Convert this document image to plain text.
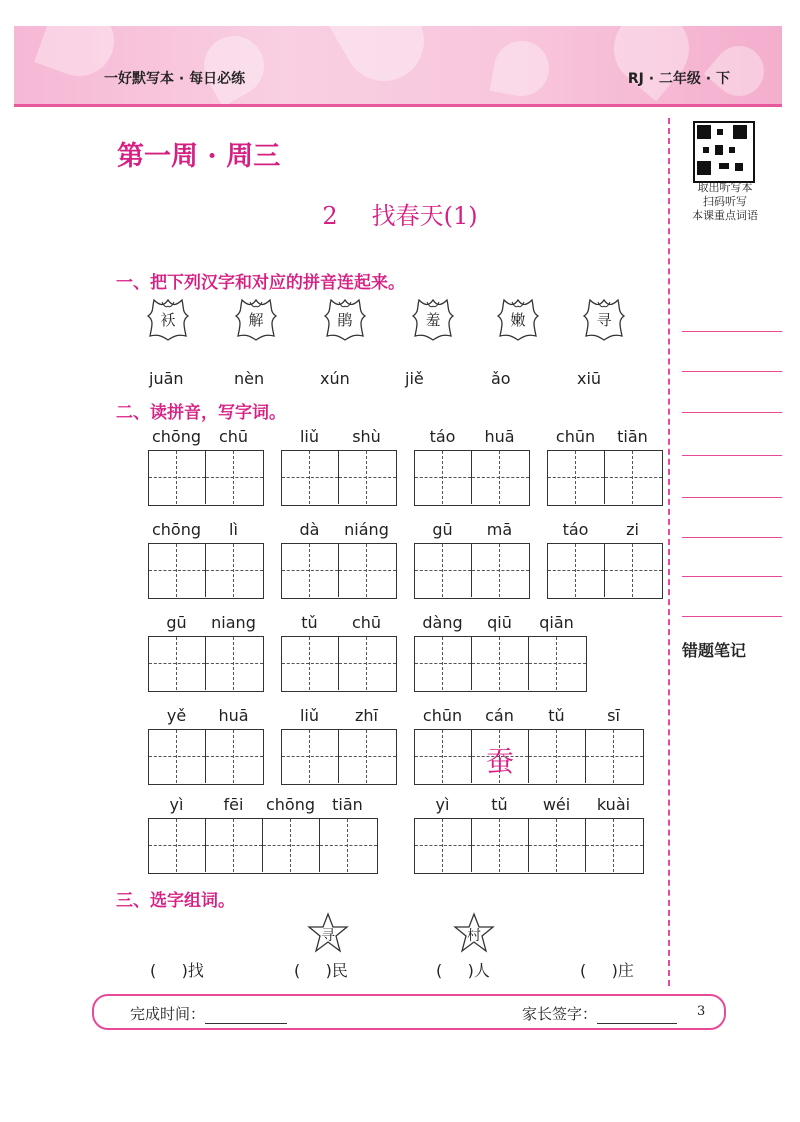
一好默写本 · 每日必练	RJ · 二年级 · 下
取出听写本
扫码听写
本课重点词语
错题笔记
第一周 · 周三
2 找春天(1)
一、把下列汉字和对应的拼音连起来。
袄	解	鹃	羞	嫩	寻
juān	nèn	xún	jiě	ǎo	xiū
二、读拼音，写字词。
chōng	chū	liǔ	shù	táo	huā	chūn	tiān
chōng	lì	dà	niáng	gū	mā	táo	zi
gū	niang	tǔ	chū	dàng	qiū	qiān
yě	huā	liǔ	zhī	chūn	cán	tǔ	sī
蚕
yì	fēi	chōng	tiān	yì	tǔ	wéi	kuài
三、选字组词。
寻	村
(     )找	(     )民	(     )人	(     )庄
完成时间：	家长签字：	3
